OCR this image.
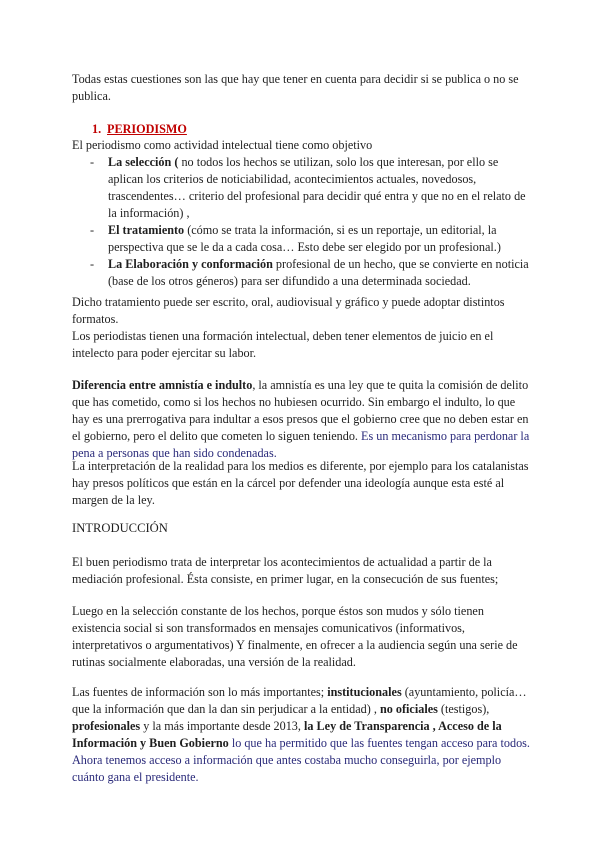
Todas estas cuestiones son las que hay que tener en cuenta para decidir si se publica o no se publica.

1. PERIODISMO

El periodismo como actividad intelectual tiene como objetivo

- La selección ( no todos los hechos se utilizan, solo los que interesan, por ello se aplican los criterios de noticiabilidad, acontecimientos actuales, novedosos, trascendentes… criterio del profesional para decidir qué entra y que no en el relato de la información) ,
- El tratamiento (cómo se trata la información, si es un reportaje, un editorial, la perspectiva que se le da a cada cosa… Esto debe ser elegido por un profesional.)
- La Elaboración y conformación profesional de un hecho, que se convierte en noticia (base de los otros géneros) para ser difundido a una determinada sociedad.

Dicho tratamiento puede ser escrito, oral, audiovisual y gráfico y puede adoptar distintos formatos.

Los periodistas tienen una formación intelectual, deben tener elementos de juicio en el intelecto para poder ejercitar su labor.

Diferencia entre amnistía e indulto, la amnistía es una ley que te quita la comisión de delito que has cometido, como si los hechos no hubiesen ocurrido. Sin embargo el indulto, lo que hay es una prerrogativa para indultar a esos presos que el gobierno cree que no deben estar en el gobierno, pero el delito que cometen lo siguen teniendo. Es un mecanismo para perdonar la pena a personas que han sido condenadas.

La interpretación de la realidad para los medios es diferente, por ejemplo para los catalanistas hay presos políticos que están en la cárcel por defender una ideología aunque esta esté al margen de la ley.

INTRODUCCIÓN

El buen periodismo trata de interpretar los acontecimientos de actualidad a partir de la mediación profesional. Ésta consiste, en primer lugar, en la consecución de sus fuentes;

Luego en la selección constante de los hechos, porque éstos son mudos y sólo tienen existencia social si son transformados en mensajes comunicativos (informativos, interpretativos o argumentativos) Y finalmente, en ofrecer a la audiencia según una serie de rutinas socialmente elaboradas, una versión de la realidad.

Las fuentes de información son lo más importantes; institucionales (ayuntamiento, policía… que la información que dan la dan sin perjudicar a la entidad) , no oficiales (testigos), profesionales y la más importante desde 2013, la Ley de Transparencia , Acceso de la Información y Buen Gobierno lo que ha permitido que las fuentes tengan acceso para todos. Ahora tenemos acceso a información que antes costaba mucho conseguirla, por ejemplo cuánto gana el presidente.
